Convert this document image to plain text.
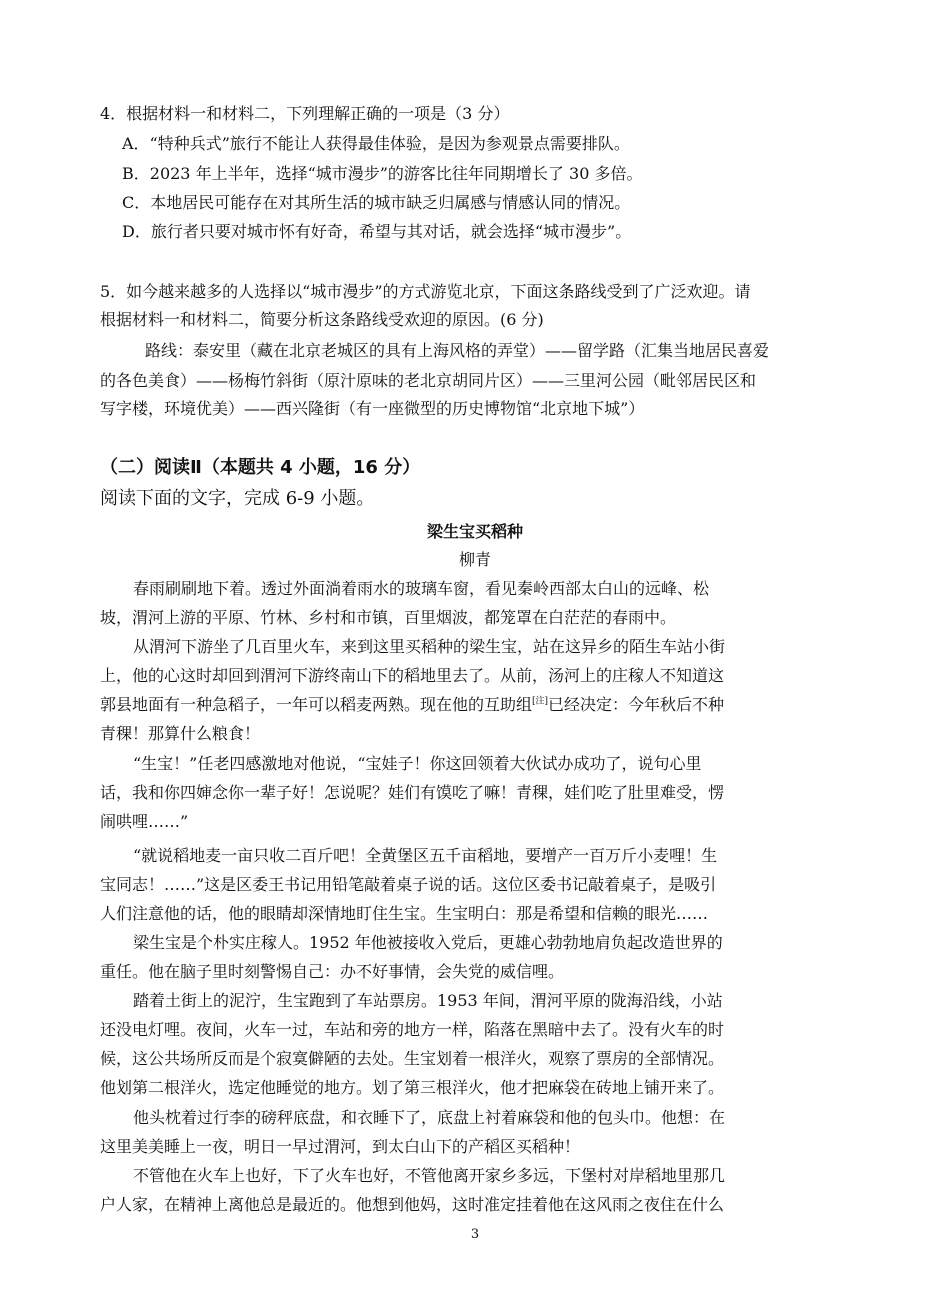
4．根据材料一和材料二，下列理解正确的一项是（3 分）
A．“特种兵式”旅行不能让人获得最佳体验，是因为参观景点需要排队。
B．2023 年上半年，选择“城市漫步”的游客比往年同期增长了 30 多倍。
C．本地居民可能存在对其所生活的城市缺乏归属感与情感认同的情况。
D．旅行者只要对城市怀有好奇，希望与其对话，就会选择“城市漫步”。
5．如今越来越多的人选择以“城市漫步”的方式游览北京，下面这条路线受到了广泛欢迎。请
根据材料一和材料二，简要分析这条路线受欢迎的原因。(6 分)
路线：泰安里（藏在北京老城区的具有上海风格的弄堂）——留学路（汇集当地居民喜爱
的各色美食）——杨梅竹斜街（原汁原味的老北京胡同片区）——三里河公园（毗邻居民区和
写字楼，环境优美）——西兴隆街（有一座微型的历史博物馆“北京地下城”）
（二）阅读Ⅱ（本题共 4 小题，16 分）
阅读下面的文字，完成 6-9 小题。
梁生宝买稻种
柳青
春雨刷刷地下着。透过外面淌着雨水的玻璃车窗，看见秦岭西部太白山的远峰、松
坡，渭河上游的平原、竹林、乡村和市镇，百里烟波，都笼罩在白茫茫的春雨中。
从渭河下游坐了几百里火车，来到这里买稻种的梁生宝，站在这异乡的陌生车站小街
上，他的心这时却回到渭河下游终南山下的稻地里去了。从前，汤河上的庄稼人不知道这
郭县地面有一种急稻子，一年可以稻麦两熟。现在他的互助组[注]已经决定：今年秋后不种
青稞！那算什么粮食！
“生宝！”任老四感激地对他说，“宝娃子！你这回领着大伙试办成功了，说句心里
话，我和你四婶念你一辈子好！怎说呢？娃们有馍吃了嘛！青稞，娃们吃了肚里难受，愣
闹哄哩……”
“就说稻地麦一亩只收二百斤吧！全黄堡区五千亩稻地，要增产一百万斤小麦哩！生
宝同志！……”这是区委王书记用铅笔敲着桌子说的话。这位区委书记敲着桌子，是吸引
人们注意他的话，他的眼睛却深情地盯住生宝。生宝明白：那是希望和信赖的眼光……
梁生宝是个朴实庄稼人。1952 年他被接收入党后，更雄心勃勃地肩负起改造世界的
重任。他在脑子里时刻警惕自己：办不好事情，会失党的威信哩。
踏着土街上的泥泞，生宝跑到了车站票房。1953 年间，渭河平原的陇海沿线，小站
还没电灯哩。夜间，火车一过，车站和旁的地方一样，陷落在黑暗中去了。没有火车的时
候，这公共场所反而是个寂寞僻陋的去处。生宝划着一根洋火，观察了票房的全部情况。
他划第二根洋火，选定他睡觉的地方。划了第三根洋火，他才把麻袋在砖地上铺开来了。
他头枕着过行李的磅秤底盘，和衣睡下了，底盘上衬着麻袋和他的包头巾。他想：在
这里美美睡上一夜，明日一早过渭河，到太白山下的产稻区买稻种！
不管他在火车上也好，下了火车也好，不管他离开家乡多远，下堡村对岸稻地里那几
户人家，在精神上离他总是最近的。他想到他妈，这时准定挂着他在这风雨之夜住在什么
3
